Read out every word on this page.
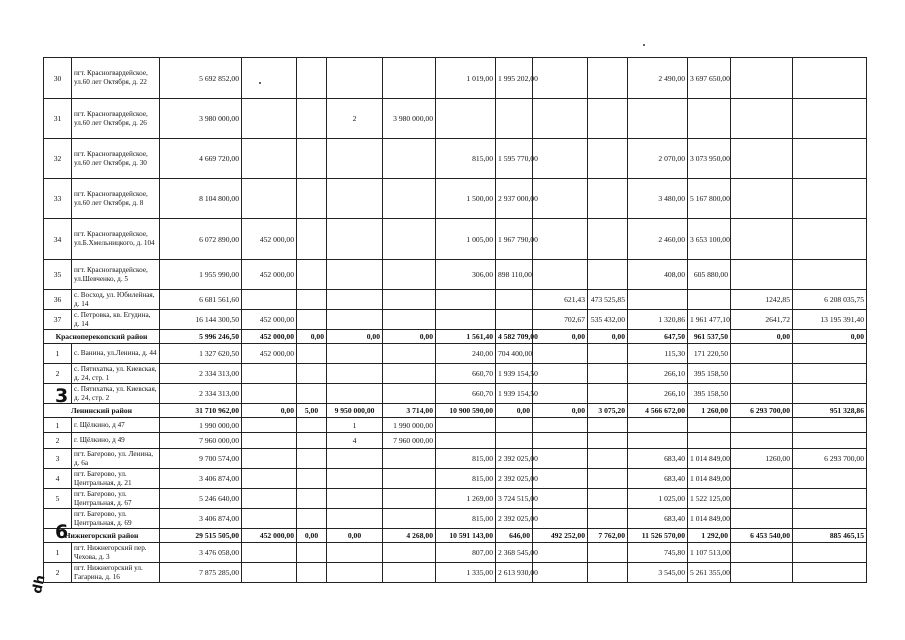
30	пгт. Красногвардейское, ул.60 лет Октября, д. 22	5 692 852,00					1 019,00	1 995 202,00			2 490,00	3 697 650,00			
31	пгт. Красногвардейское, ул.60 лет Октября, д. 26	3 980 000,00			2	3 980 000,00									
32	пгт. Красногвардейское, ул.60 лет Октября, д. 30	4 669 720,00					815,00	1 595 770,00			2 070,00	3 073 950,00			
33	пгт. Красногвардейское, ул.60 лет Октября, д. 8	8 104 800,00					1 500,00	2 937 000,00			3 480,00	5 167 800,00			
34	пгт. Красногвардейское, ул.Б.Хмельницкого, д. 104	6 072 890,00	452 000,00				1 005,00	1 967 790,00			2 460,00	3 653 100,00			
35	пгт. Красногвардейское, ул.Шевченко, д. 5	1 955 990,00	452 000,00				306,00	898 110,00			408,00	605 880,00			
36	с. Восход, ул. Юбилейная, д. 14	6 681 561,60							621,43	473 525,85			1242,85	6 208 035,75	
37	с. Петровка, кв. Егудина, д. 14	16 144 300,50	452 000,00						702,67	535 432,00	1 320,86	1 961 477,10	2641,72	13 195 391,40	
Красноперекопский район		5 996 246,50	452 000,00	0,00	0,00	0,00	1 561,40	4 582 709,00	0,00	0,00	647,50	961 537,50	0,00	0,00	
1	с. Ванина, ул.Ленина, д. 44	1 327 620,50	452 000,00				240,00	704 400,00			115,30	171 220,50			
2	с. Пятихатка, ул. Киевская, д. 24, стр. 1	2 334 313,00					660,70	1 939 154,50			266,10	395 158,50			
	с. Пятихатка, ул. Киевская, д. 24, стр. 2	2 334 313,00					660,70	1 939 154,50			266,10	395 158,50			
Ленинский район		31 710 962,00	0,00	5,00	9 950 000,00	3 714,00	10 900 590,00	0,00	0,00	3 075,20	4 566 672,00	1 260,00	6 293 700,00	951 328,86	
1	г. Щёлкино, д 47	1 990 000,00			1	1 990 000,00									
2	г. Щёлкино, д 49	7 960 000,00			4	7 960 000,00									
3	пгт. Багерово, ул. Ленина, д. 6а	9 700 574,00					815,00	2 392 025,00			683,40	1 014 849,00	1260,00	6 293 700,00	
4	пгт. Багерово, ул. Центральная, д. 21	3 406 874,00					815,00	2 392 025,00			683,40	1 014 849,00			
5	пгт. Багерово, ул. Центральная, д. 67	5 246 640,00					1 269,00	3 724 515,00			1 025,00	1 522 125,00			
	пгт. Багерово, ул. Центральная, д. 69	3 406 874,00					815,00	2 392 025,00			683,40	1 014 849,00			
Нижнегорский район		29 515 505,00	452 000,00	0,00	0,00	4 268,00	10 591 143,00	646,00	492 252,00	7 762,00	11 526 570,00	1 292,00	6 453 540,00	885 465,15	
1	пгт. Нижнегорский пер. Чехова, д. 3	3 476 058,00					807,00	2 368 545,00			745,80	1 107 513,00			
2	пгт. Нижнегорский ул. Гагарина, д. 16	7 875 285,00					1 335,00	2 613 930,00			3 545,00	5 261 355,00			
3
6
dh
